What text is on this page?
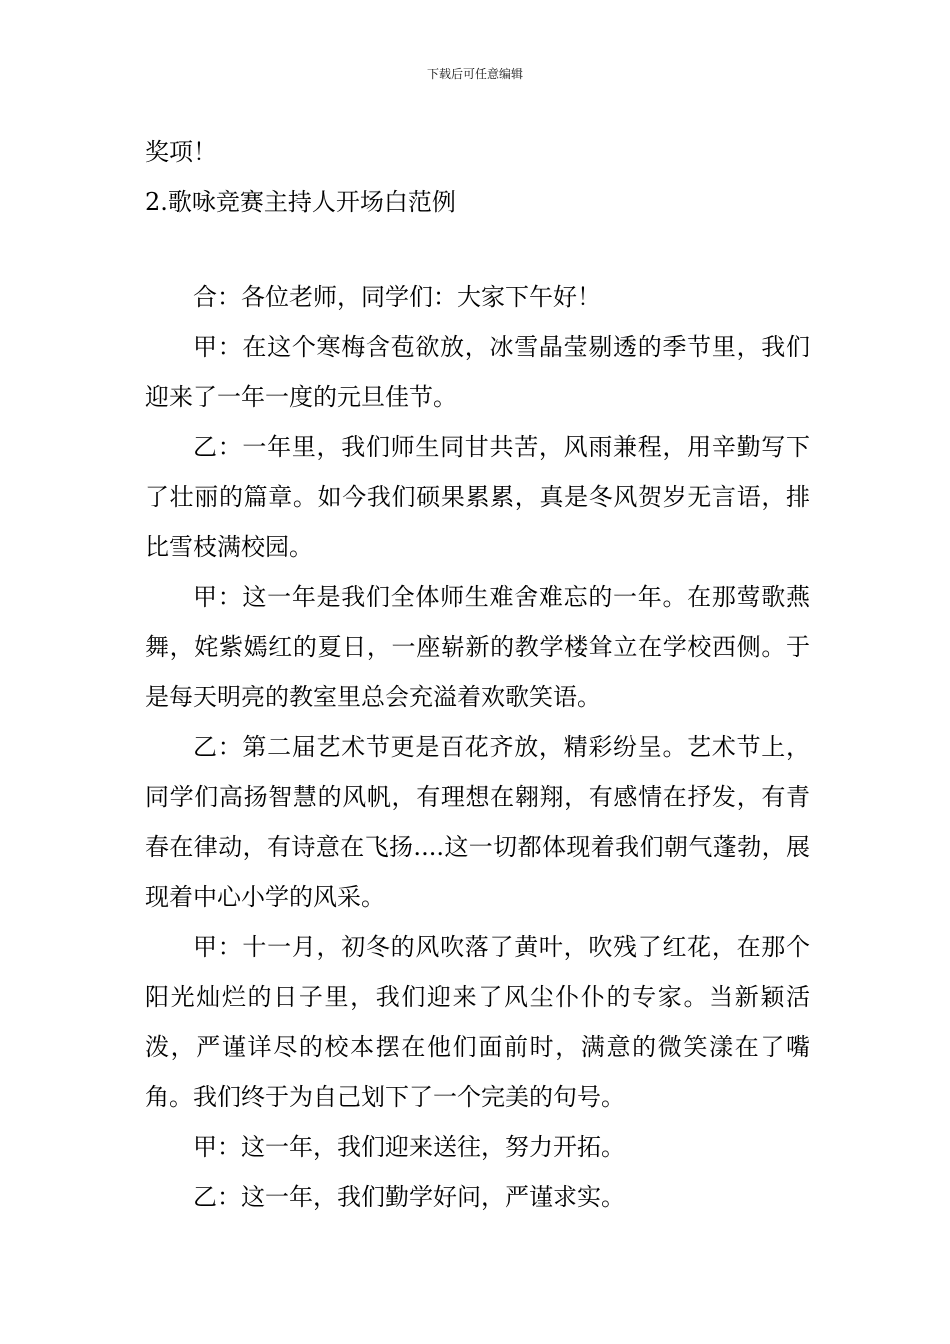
下载后可任意编辑

奖项！

2.歌咏竞赛主持人开场白范例

合：各位老师，同学们：大家下午好！

甲：在这个寒梅含苞欲放，冰雪晶莹剔透的季节里，我们迎来了一年一度的元旦佳节。

乙：一年里，我们师生同甘共苦，风雨兼程，用辛勤写下了壮丽的篇章。如今我们硕果累累，真是冬风贺岁无言语，排比雪枝满校园。

甲：这一年是我们全体师生难舍难忘的一年。在那莺歌燕舞，姹紫嫣红的夏日，一座崭新的教学楼耸立在学校西侧。于是每天明亮的教室里总会充溢着欢歌笑语。

乙：第二届艺术节更是百花齐放，精彩纷呈。艺术节上，同学们高扬智慧的风帆，有理想在翱翔，有感情在抒发，有青春在律动，有诗意在飞扬....这一切都体现着我们朝气蓬勃，展现着中心小学的风采。

甲：十一月，初冬的风吹落了黄叶，吹残了红花，在那个阳光灿烂的日子里，我们迎来了风尘仆仆的专家。当新颖活泼，严谨详尽的校本摆在他们面前时，满意的微笑漾在了嘴角。我们终于为自己划下了一个完美的句号。

甲：这一年，我们迎来送往，努力开拓。

乙：这一年，我们勤学好问，严谨求实。
